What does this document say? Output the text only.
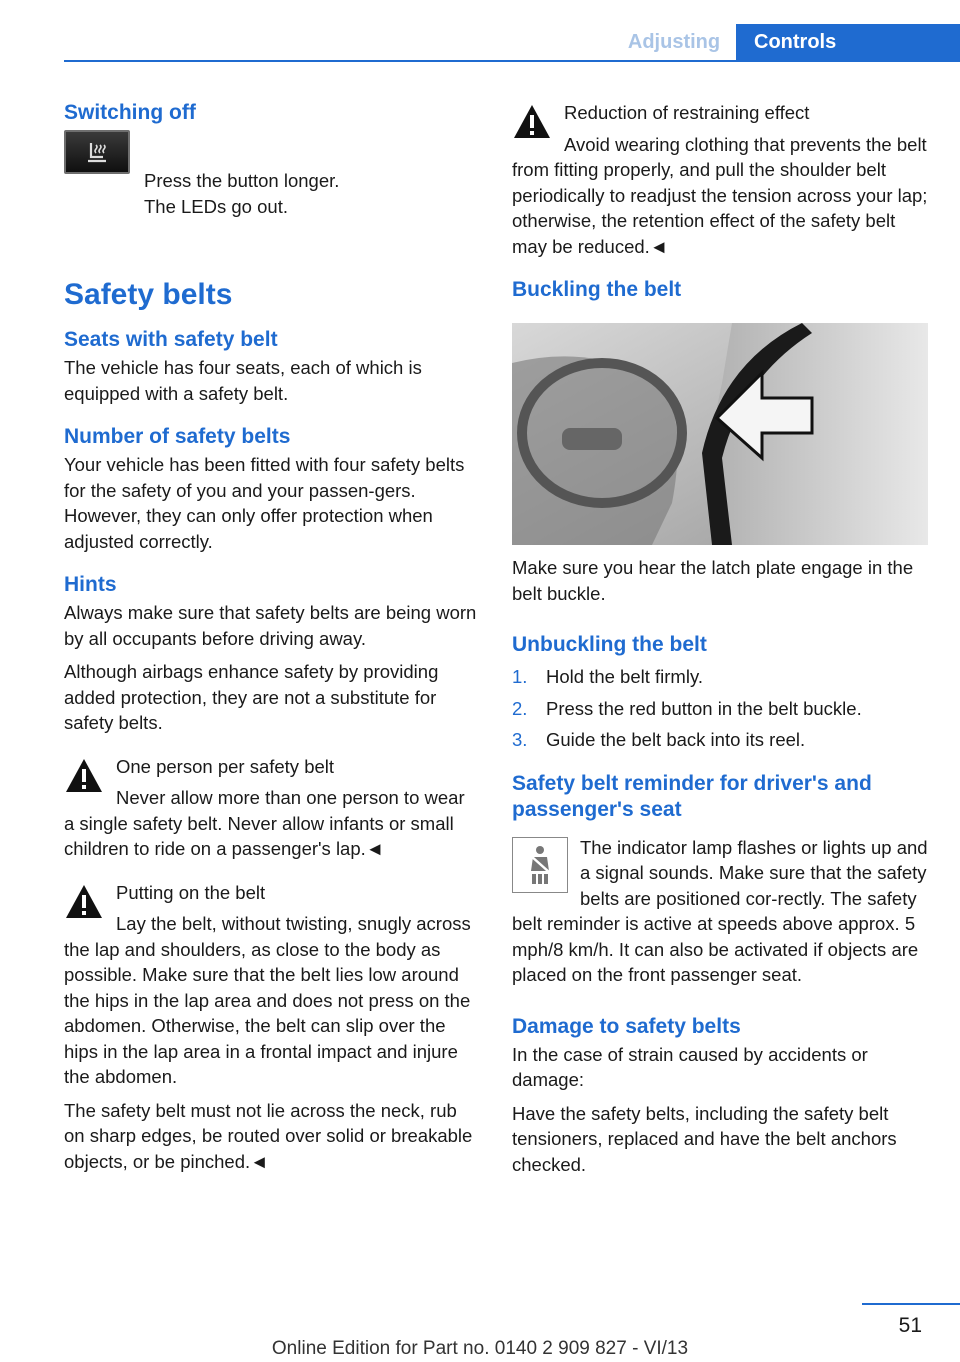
Adjusting	Controls
Switching off

Press the button longer.

The LEDs go out.

Safety belts
Seats with safety belt

The vehicle has four seats, each of which is equipped with a safety belt.

Number of safety belts

Your vehicle has been fitted with four safety belts for the safety of you and your passen-gers. However, they can only offer protection when adjusted correctly.

Hints

Always make sure that safety belts are being worn by all occupants before driving away.

Although airbags enhance safety by providing added protection, they are not a substitute for safety belts.

One person per safety belt

Never allow more than one person to wear a single safety belt. Never allow infants or small children to ride on a passenger's lap.◄

Putting on the belt

Lay the belt, without twisting, snugly across the lap and shoulders, as close to the body as possible. Make sure that the belt lies low around the hips in the lap area and does not press on the abdomen. Otherwise, the belt can slip over the hips in the lap area in a frontal impact and injure the abdomen.

The safety belt must not lie across the neck, rub on sharp edges, be routed over solid or breakable objects, or be pinched.◄

Reduction of restraining effect

Avoid wearing clothing that prevents the belt from fitting properly, and pull the shoulder belt periodically to readjust the tension across your lap; otherwise, the retention effect of the safety belt may be reduced.◄

Buckling the belt

Make sure you hear the latch plate engage in the belt buckle.

Unbuckling the belt
1.	Hold the belt firmly.
2.	Press the red button in the belt buckle.
3.	Guide the belt back into its reel.
Safety belt reminder for driver's and passenger's seat

The indicator lamp flashes or lights up and a signal sounds. Make sure that the safety belts are positioned cor-rectly. The safety belt reminder is active at speeds above approx. 5 mph/8 km/h. It can also be activated if objects are placed on the front passenger seat.

Damage to safety belts

In the case of strain caused by accidents or damage:

Have the safety belts, including the safety belt tensioners, replaced and have the belt anchors checked.

51
Online Edition for Part no. 0140 2 909 827 - VI/13
